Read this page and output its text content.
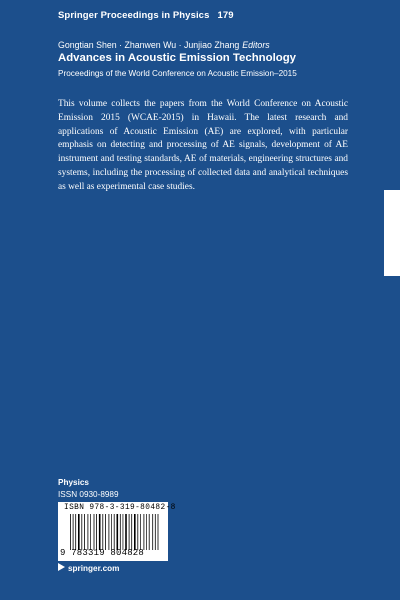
Springer Proceedings in Physics 179
Gongtian Shen · Zhanwen Wu · Junjiao Zhang Editors
Advances in Acoustic Emission Technology
Proceedings of the World Conference on Acoustic Emission–2015

This volume collects the papers from the World Conference on Acoustic Emission 2015 (WCAE-2015) in Hawaii. The latest research and applications of Acoustic Emission (AE) are explored, with particular emphasis on detecting and processing of AE signals, development of AE instrument and testing standards, AE of materials, engineering structures and systems, including the processing of collected data and analytical techniques as well as experimental case studies.

Physics
ISSN 0930-8989
ISBN 978-3-319-80482-8
9 783319 804828
springer.com
